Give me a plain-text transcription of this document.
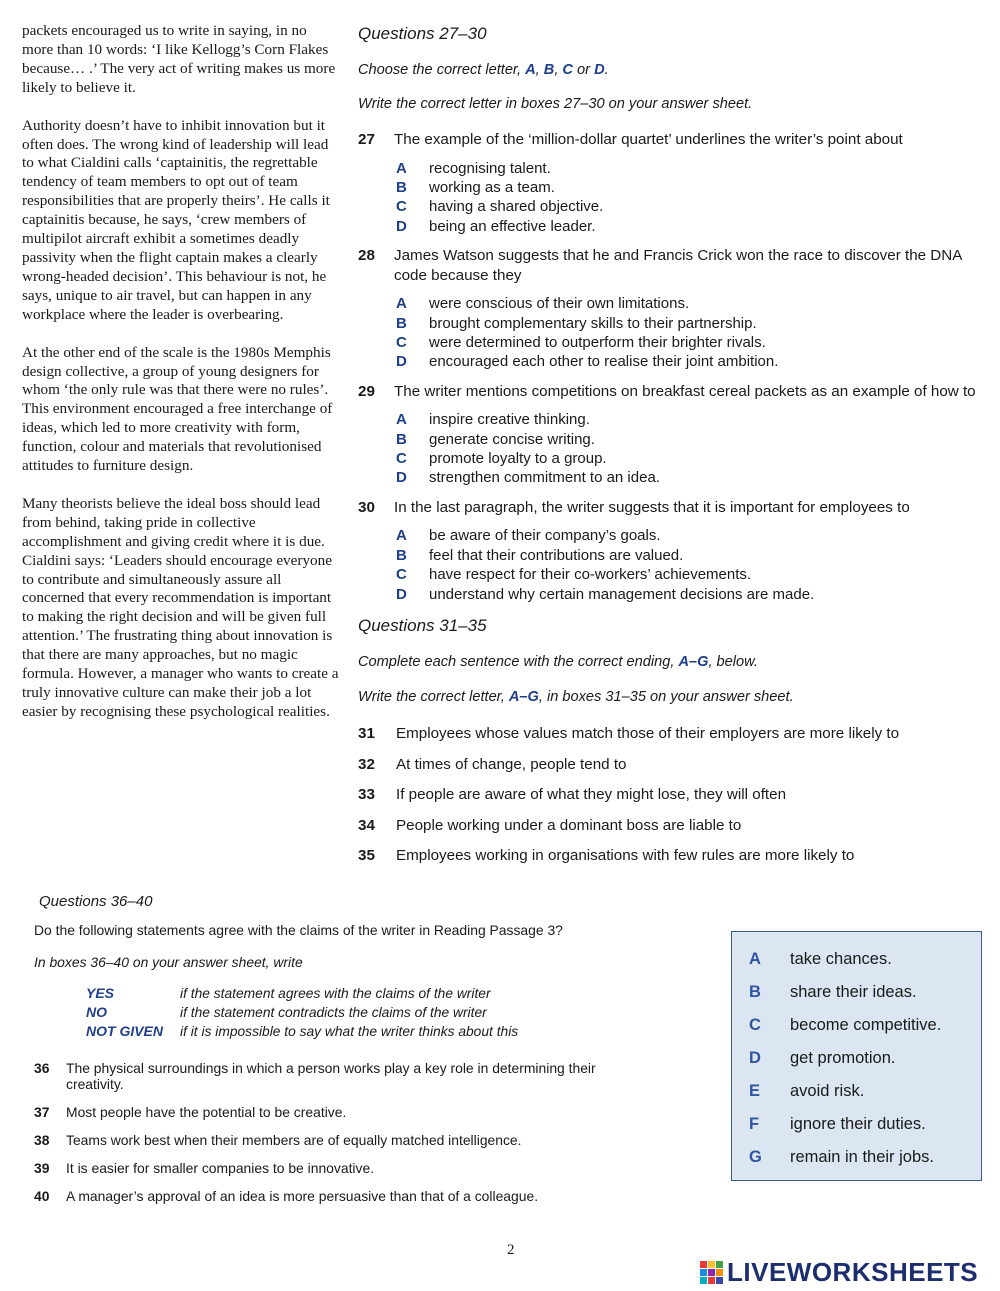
packets encouraged us to write in saying, in no more than 10 words: ‘I like Kellogg’s Corn Flakes because… .’ The very act of writing makes us more likely to believe it.

Authority doesn’t have to inhibit innovation but it often does. The wrong kind of leadership will lead to what Cialdini calls ‘captainitis, the regrettable tendency of team members to opt out of team responsibilities that are properly theirs’. He calls it captainitis because, he says, ‘crew members of multipilot aircraft exhibit a sometimes deadly passivity when the flight captain makes a clearly wrong-headed decision’. This behaviour is not, he says, unique to air travel, but can happen in any workplace where the leader is overbearing.

At the other end of the scale is the 1980s Memphis design collective, a group of young designers for whom ‘the only rule was that there were no rules’. This environment encouraged a free interchange of ideas, which led to more creativity with form, function, colour and materials that revolutionised attitudes to furniture design.

Many theorists believe the ideal boss should lead from behind, taking pride in collective accomplishment and giving credit where it is due. Cialdini says: ‘Leaders should encourage everyone to contribute and simultaneously assure all concerned that every recommendation is important to making the right decision and will be given full attention.’ The frustrating thing about innovation is that there are many approaches, but no magic formula. However, a manager who wants to create a truly innovative culture can make their job a lot easier by recognising these psychological realities.

Questions 27–30
Choose the correct letter, A, B, C or D.
Write the correct letter in boxes 27–30 on your answer sheet.
27 The example of the ‘million-dollar quartet’ underlines the writer’s point about
A recognising talent.
B working as a team.
C having a shared objective.
D being an effective leader.
28 James Watson suggests that he and Francis Crick won the race to discover the DNA code because they
A were conscious of their own limitations.
B brought complementary skills to their partnership.
C were determined to outperform their brighter rivals.
D encouraged each other to realise their joint ambition.
29 The writer mentions competitions on breakfast cereal packets as an example of how to
A inspire creative thinking.
B generate concise writing.
C promote loyalty to a group.
D strengthen commitment to an idea.
30 In the last paragraph, the writer suggests that it is important for employees to
A be aware of their company’s goals.
B feel that their contributions are valued.
C have respect for their co-workers’ achievements.
D understand why certain management decisions are made.
Questions 31–35
Complete each sentence with the correct ending, A–G, below.
Write the correct letter, A–G, in boxes 31–35 on your answer sheet.
31 Employees whose values match those of their employers are more likely to
32 At times of change, people tend to
33 If people are aware of what they might lose, they will often
34 People working under a dominant boss are liable to
35 Employees working in organisations with few rules are more likely to
Questions 36–40
Do the following statements agree with the claims of the writer in Reading Passage 3?
In boxes 36–40 on your answer sheet, write
YES	if the statement agrees with the claims of the writer
NO	if the statement contradicts the claims of the writer
NOT GIVEN if it is impossible to say what the writer thinks about this
36 The physical surroundings in which a person works play a key role in determining their creativity.
37 Most people have the potential to be creative.
38 Teams work best when their members are of equally matched intelligence.
39 It is easier for smaller companies to be innovative.
40 A manager’s approval of an idea is more persuasive than that of a colleague.
A take chances.
B share their ideas.
C become competitive.
D get promotion.
E avoid risk.
F ignore their duties.
G remain in their jobs.
2
LIVEWORKSHEETS
